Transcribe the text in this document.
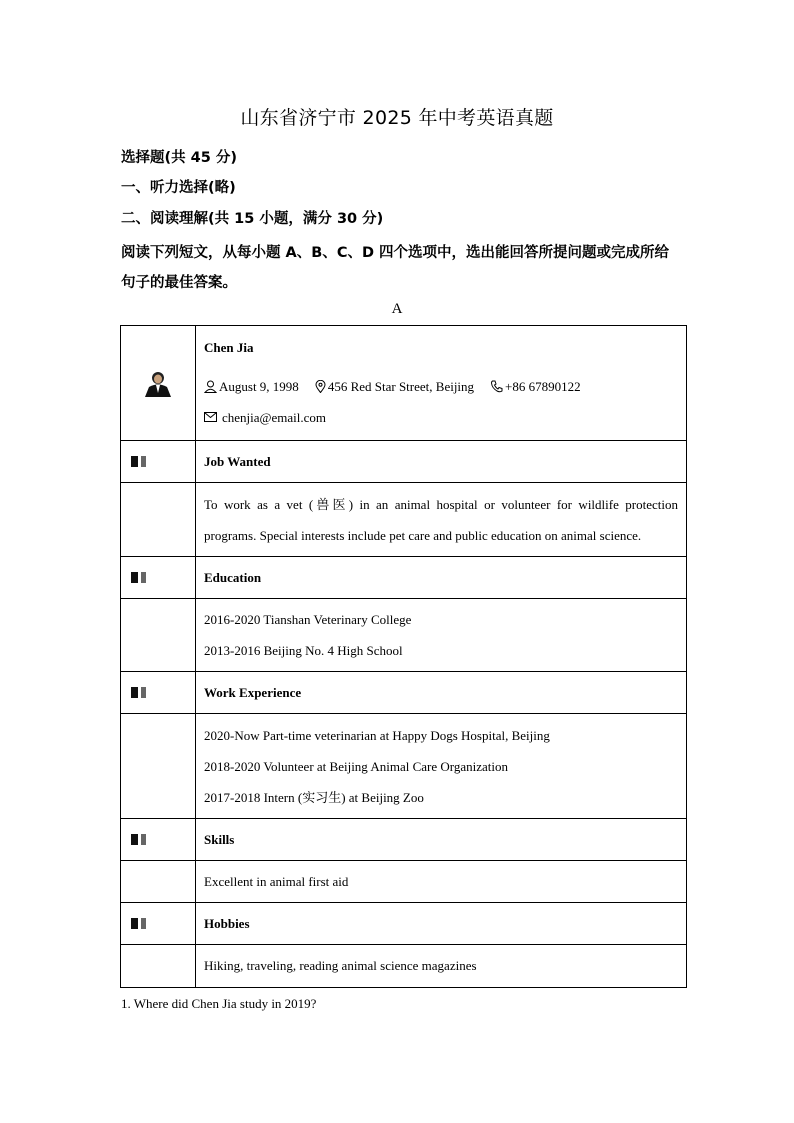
山东省济宁市 2025 年中考英语真题
选择题(共 45 分)
一、听力选择(略)
二、阅读理解(共 15 小题，满分 30 分)
阅读下列短文，从每小题 A、B、C、D 四个选项中，选出能回答所提问题或完成所给句子的最佳答案。
A

Chen Jia
August 9, 1998 456 Red Star Street, Beijing +86 67890122
chenjia@email.com

	Job Wanted

	To work as a vet (兽医) in an animal hospital or volunteer for wildlife protection
programs. Special interests include pet care and public education on animal science.

	Education

	2016-2020 Tianshan Veterinary College
2013-2016 Beijing No. 4 High School

	Work Experience

	2020-Now Part-time veterinarian at Happy Dogs Hospital, Beijing
2018-2020 Volunteer at Beijing Animal Care Organization
2017-2018 Intern (实习生) at Beijing Zoo

	Skills
	Excellent in animal first aid

	Hobbies
	Hiking, traveling, reading animal science magazines
1. Where did Chen Jia study in 2019?
